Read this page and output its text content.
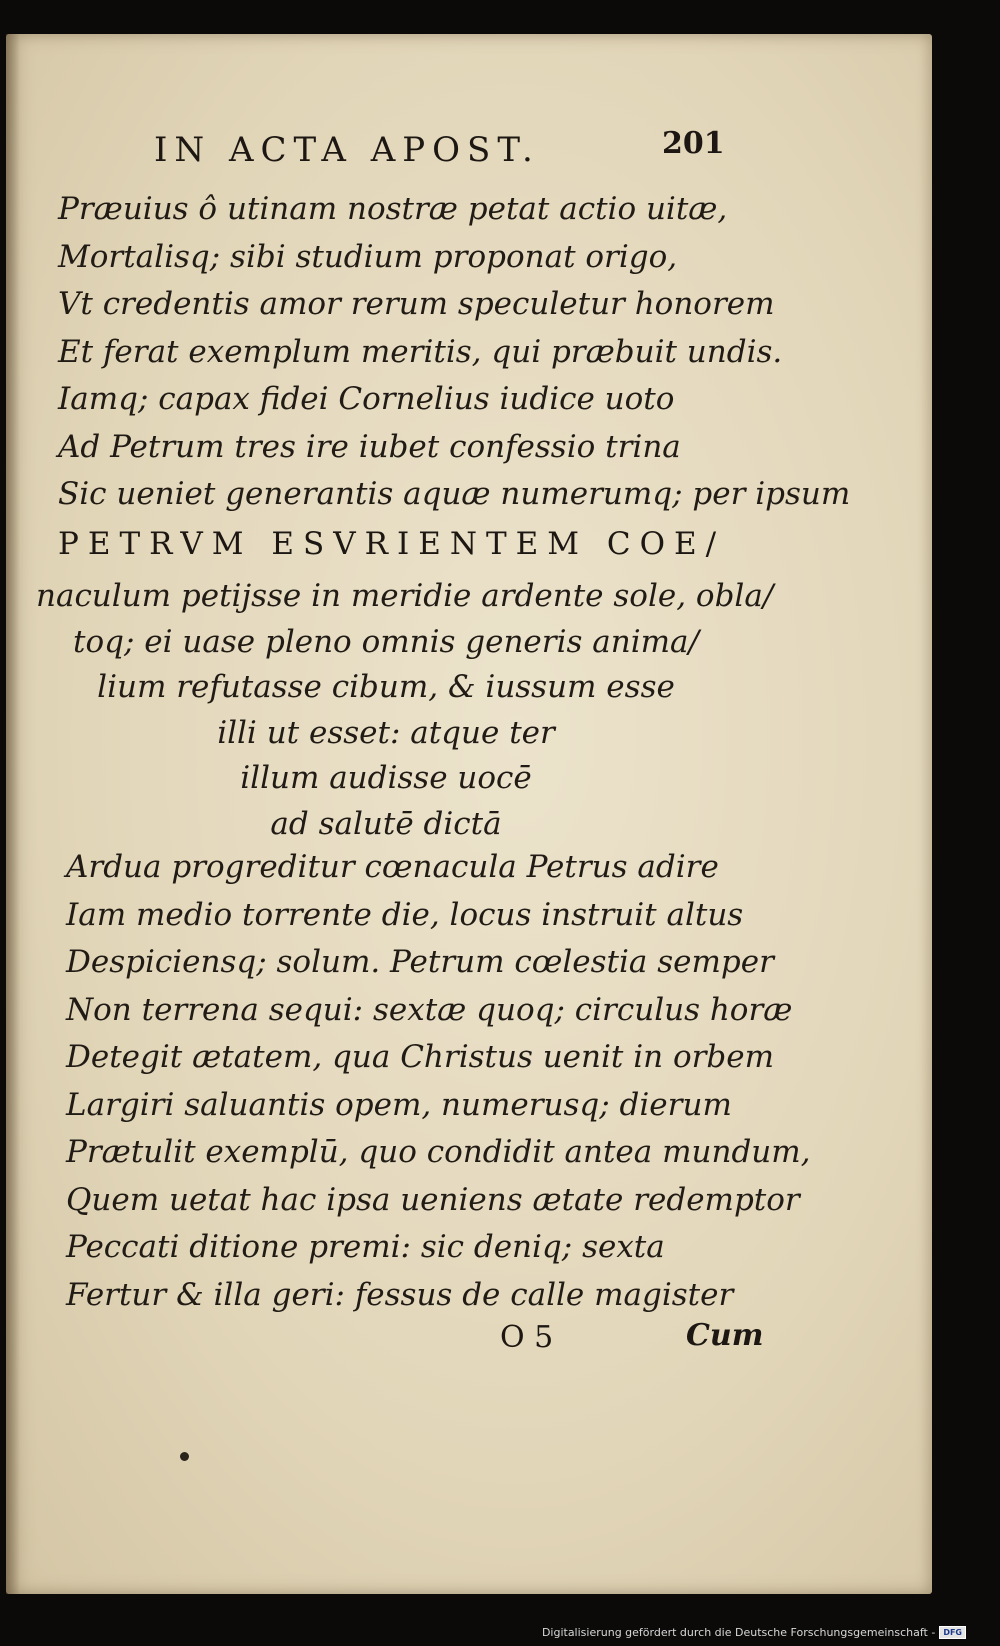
IN ACTA APOST.	201

Præuius ô utinam nostræ petat actio uitæ,
Mortalisq; sibi studium proponat origo,
Vt credentis amor rerum speculetur honorem
Et ferat exemplum meritis, qui præbuit undis.
Iamq; capax fidei Cornelius iudice uoto
Ad Petrum tres ire iubet confessio trina
Sic ueniet generantis aquæ numerumq; per ipsum

PETRVM ESVRIENTEM COE/

naculum petijsse in meridie ardente sole, obla/
toq; ei uase pleno omnis generis anima/
lium refutasse cibum, & iussum esse
illi ut esset: atque ter
illum audisse uocē
ad salutē dictā

Ardua progreditur cœnacula Petrus adire
Iam medio torrente die, locus instruit altus
Despiciensq; solum. Petrum cœlestia semper
Non terrena sequi: sextæ quoq; circulus horæ
Detegit ætatem, qua Christus uenit in orbem
Largiri saluantis opem, numerusq; dierum
Prætulit exemplū, quo condidit antea mundum,
Quem uetat hac ipsa ueniens ætate redemptor
Peccati ditione premi: sic deniq; sexta
Fertur & illa geri: fessus de calle magister

O 5	Cum
Digitalisierung gefördert durch die Deutsche Forschungsgemeinschaft -	DFG
